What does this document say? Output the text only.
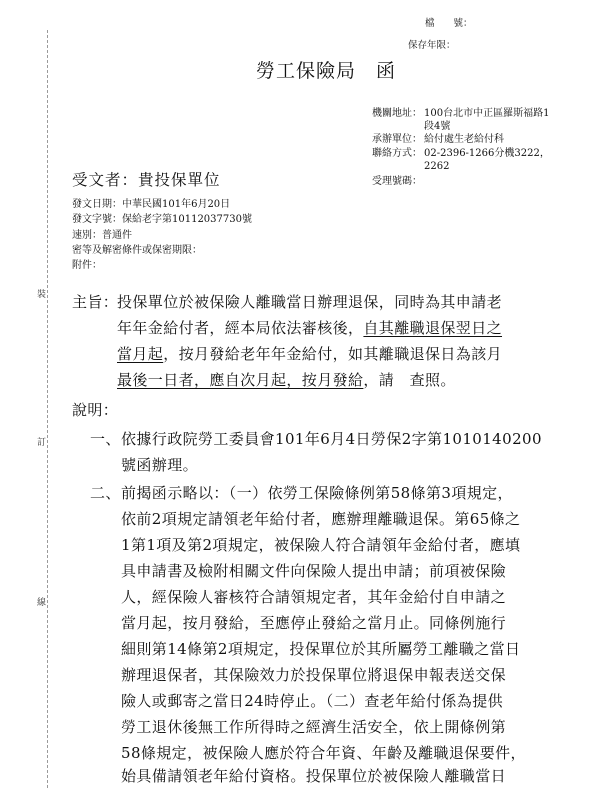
檔　　號：
保存年限：
勞工保險局　函
機關地址： 100台北市中正區羅斯福路1
段4號
承辦單位： 給付處生老給付科
聯絡方式： 02-2396-1266分機3222，
2262
受理號碼：
受文者：貴投保單位
發文日期：中華民國101年6月20日
發文字號：保給老字第10112037730號
速別：普通件
密等及解密條件或保密期限：
附件：
裝
訂
線
主旨：
投保單位於被保險人離職當日辦理退保，同時為其申請老
年年金給付者，經本局依法審核後，自其離職退保翌日之
當月起，按月發給老年年金給付，如其離職退保日為該月
最後一日者，應自次月起，按月發給，請　查照。
說明：
一、 依據行政院勞工委員會101年6月4日勞保2字第1010140200
號函辦理。
二、 前揭函示略以：（一）依勞工保險條例第58條第3項規定，
依前2項規定請領老年給付者，應辦理離職退保。第65條之
1第1項及第2項規定，被保險人符合請領年金給付者，應填
具申請書及檢附相關文件向保險人提出申請；前項被保險
人，經保險人審核符合請領規定者，其年金給付自申請之
當月起，按月發給，至應停止發給之當月止。同條例施行
細則第14條第2項規定，投保單位於其所屬勞工離職之當日
辦理退保者，其保險效力於投保單位將退保申報表送交保
險人或郵寄之當日24時停止。（二）查老年給付係為提供
勞工退休後無工作所得時之經濟生活安全，依上開條例第
58條規定，被保險人應於符合年資、年齡及離職退保要件，
始具備請領老年給付資格。投保單位於被保險人離職當日
